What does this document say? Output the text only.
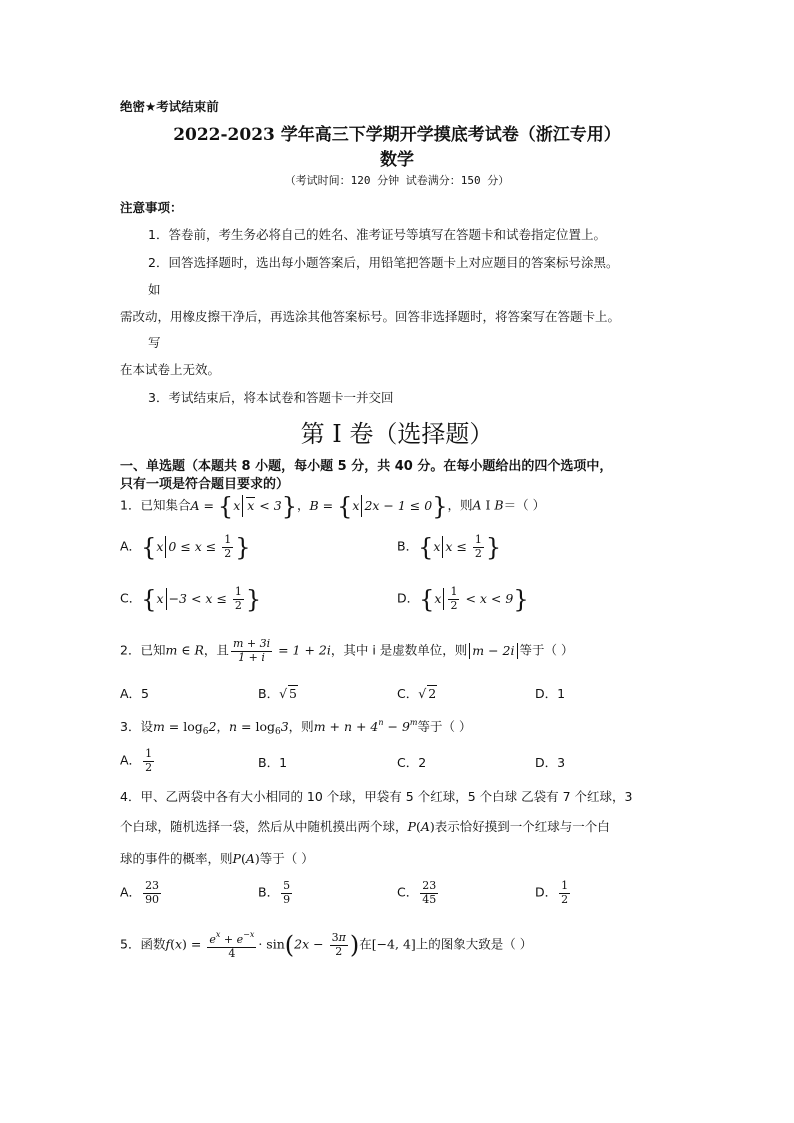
绝密★考试结束前
2022-2023 学年高三下学期开学摸底考试卷（浙江专用）
数学
（考试时间：120 分钟 试卷满分：150 分）
注意事项：
1．答卷前，考生务必将自己的姓名、准考证号等填写在答题卡和试卷指定位置上。
2．回答选择题时，选出每小题答案后，用铅笔把答题卡上对应题目的答案标号涂黑。
如
需改动，用橡皮擦干净后，再选涂其他答案标号。回答非选择题时，将答案写在答题卡上。
写
在本试卷上无效。
3．考试结束后，将本试卷和答题卡一并交回
第 I 卷（选择题）
一、单选题（本题共 8 小题，每小题 5 分，共 40 分。在每小题给出的四个选项中，
只有一项是符合题目要求的）
1．已知集合A = {x x < 3}，B = {x 2x − 1 ≤ 0}，则A I B＝（ ）
A．{x $0 \le x \le \frac{1}{2}$ }	B．{x $x \le \frac{1}{2}$ }
C．{$x -3 < x \le \frac{1}{2}$ }	D．$\{x \frac{1}{2} < x < 9\}$
2．已知m ∈ R，且 $\frac{m + 3i}{1 + i} = 1 + 2i$，其中 i 是虚数单位，则 m − 2i 等于（ ）
A．5	B．√ 5	C．√ 2	D．1
3．设$m = \log_62$，$n = \log_63$，则$m + n + 4^n - 9^m$等于（ ）
A． $\frac{1}{2}$	B．1	C．2	D．3
4．甲、乙两袋中各有大小相同的 10 个球，甲袋有 5 个红球，5 个白球 乙袋有 7 个红球，3
个白球，随机选择一袋，然后从中随机摸出两个球，P(A)表示恰好摸到一个红球与一个白
球的事件的概率，则P(A)等于（ ）
A． $\frac{23}{90}$	B． $\frac{5}{9}$	C． $\frac{23}{45}$	D． $\frac{1}{2}$
5．函数$f(x) = \frac{e^x + e^{-x}}{4} \cdot \sin(2x - \frac{3\pi}{2}$ )在[−4, 4]上的图象大致是（ ）
